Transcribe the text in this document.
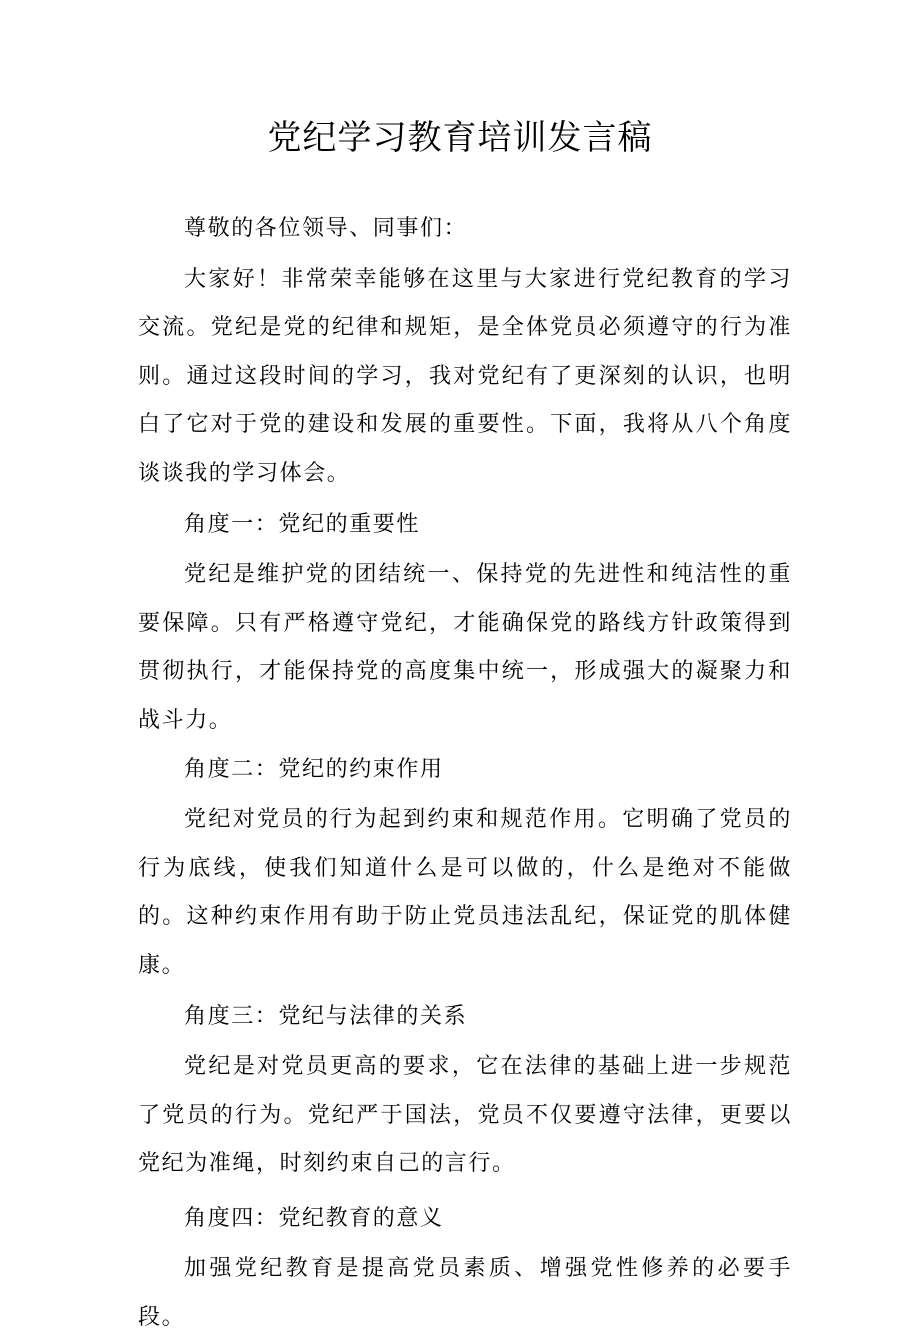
党纪学习教育培训发言稿

尊敬的各位领导、同事们：

大家好！非常荣幸能够在这里与大家进行党纪教育的学习交流。党纪是党的纪律和规矩，是全体党员必须遵守的行为准则。通过这段时间的学习，我对党纪有了更深刻的认识，也明白了它对于党的建设和发展的重要性。下面，我将从八个角度谈谈我的学习体会。

角度一：党纪的重要性

党纪是维护党的团结统一、保持党的先进性和纯洁性的重要保障。只有严格遵守党纪，才能确保党的路线方针政策得到贯彻执行，才能保持党的高度集中统一，形成强大的凝聚力和战斗力。

角度二：党纪的约束作用

党纪对党员的行为起到约束和规范作用。它明确了党员的行为底线，使我们知道什么是可以做的，什么是绝对不能做的。这种约束作用有助于防止党员违法乱纪，保证党的肌体健康。

角度三：党纪与法律的关系

党纪是对党员更高的要求，它在法律的基础上进一步规范了党员的行为。党纪严于国法，党员不仅要遵守法律，更要以党纪为准绳，时刻约束自己的言行。

角度四：党纪教育的意义

加强党纪教育是提高党员素质、增强党性修养的必要手段。
